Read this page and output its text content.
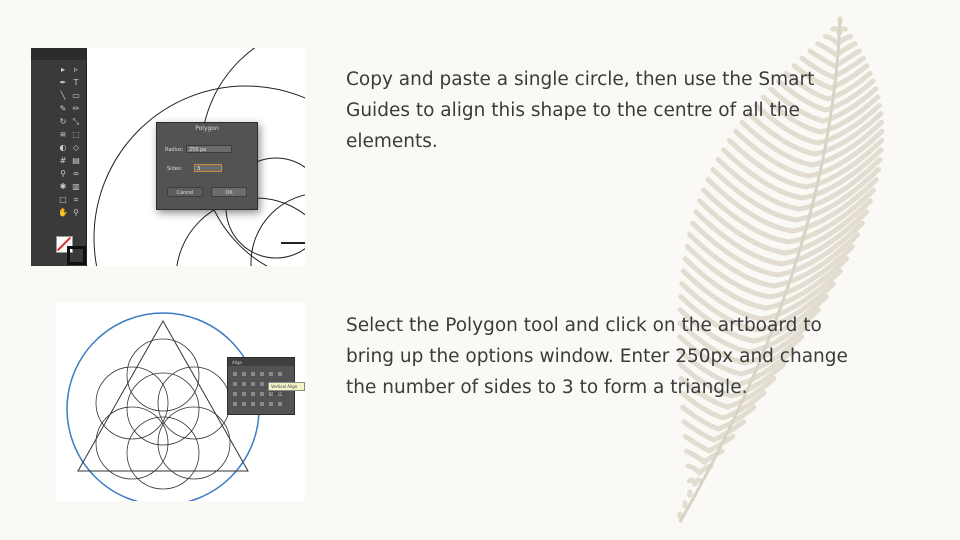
▸	▹
✒ T
╲ ▭
✎ ✏
↻ ⤡
≋ ⬚
◐ ◇
# ▤
⚲ ∞
✱ ▥
□ ⌗
✋ ⚲
Polygon
Radius:	250 px
Sides:	3
Cancel	OK
Align
Vertical Align Center

Copy and paste a single circle, then use the Smart Guides to align this shape to the centre of all the elements.

Select the Polygon tool and click on the artboard to bring up the options window. Enter 250px and change the number of sides to 3 to form a triangle.
